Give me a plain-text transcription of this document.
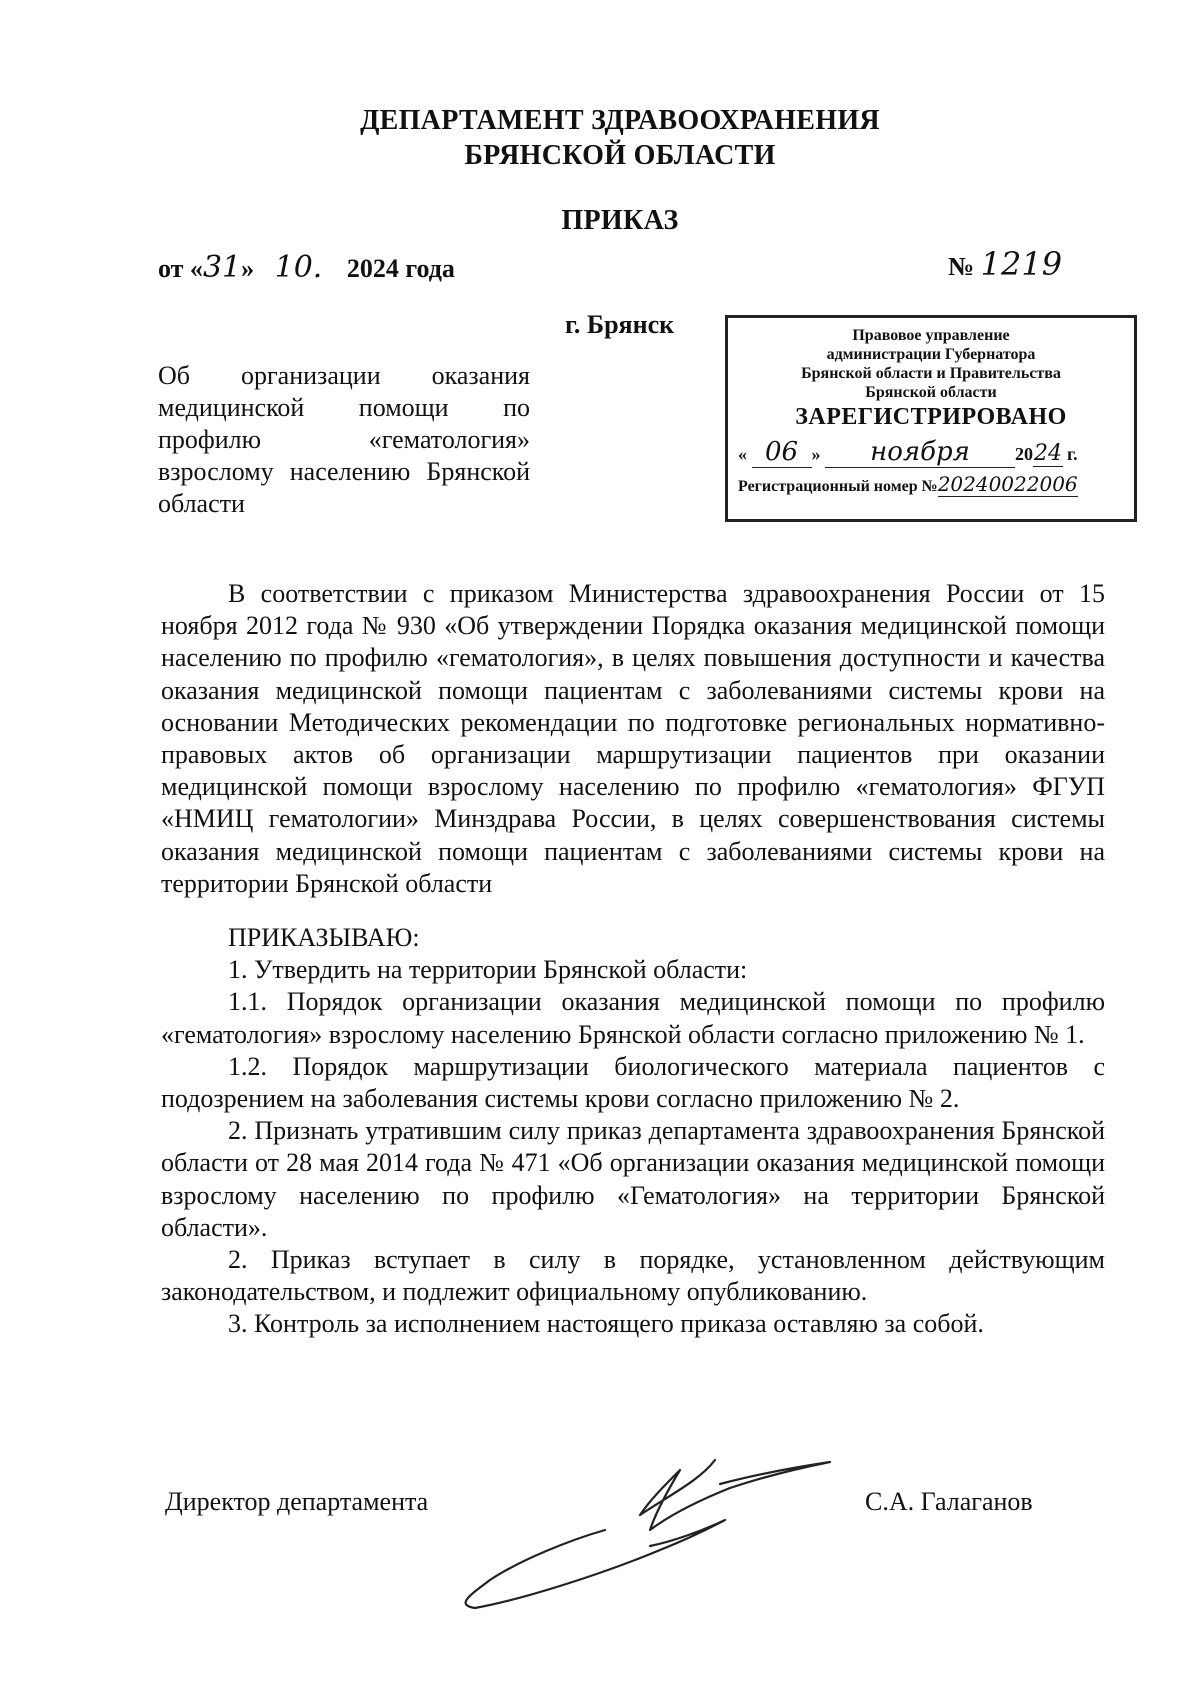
ДЕПАРТАМЕНТ ЗДРАВООХРАНЕНИЯ
БРЯНСКОЙ ОБЛАСТИ
ПРИКАЗ
от «31» 10. 2024 года	№ 1219
г. Брянск
Об организации оказания медицинской помощи по профилю «гематология» взрослому населению Брянской области
Правовое управление
администрации Губернатора
Брянской области и Правительства
Брянской области
ЗАРЕГИСТРИРОВАНО
« 06 » ноября	2024 г.
Регистрационный номер №20240022006

В соответствии с приказом Министерства здравоохранения России от 15 ноября 2012 года № 930 «Об утверждении Порядка оказания медицинской помощи населению по профилю «гематология», в целях повышения доступности и качества оказания медицинской помощи пациентам с заболеваниями системы крови на основании Методических рекомендации по подготовке региональных нормативно-правовых актов об организации маршрутизации пациентов при оказании медицинской помощи взрослому населению по профилю «гематология» ФГУП «НМИЦ гематологии» Минздрава России, в целях совершенствования системы оказания медицинской помощи пациентам с заболеваниями системы крови на территории Брянской области

ПРИКАЗЫВАЮ:

1. Утвердить на территории Брянской области:

1.1. Порядок организации оказания медицинской помощи по профилю «гематология» взрослому населению Брянской области согласно приложению № 1.

1.2. Порядок маршрутизации биологического материала пациентов с подозрением на заболевания системы крови согласно приложению № 2.

2. Признать утратившим силу приказ департамента здравоохранения Брянской области от 28 мая 2014 года № 471 «Об организации оказания медицинской помощи взрослому населению по профилю «Гематология» на территории Брянской области».

2. Приказ вступает в силу в порядке, установленном действующим законодательством, и подлежит официальному опубликованию.

3. Контроль за исполнением настоящего приказа оставляю за собой.

Директор департамента	С.А. Галаганов
